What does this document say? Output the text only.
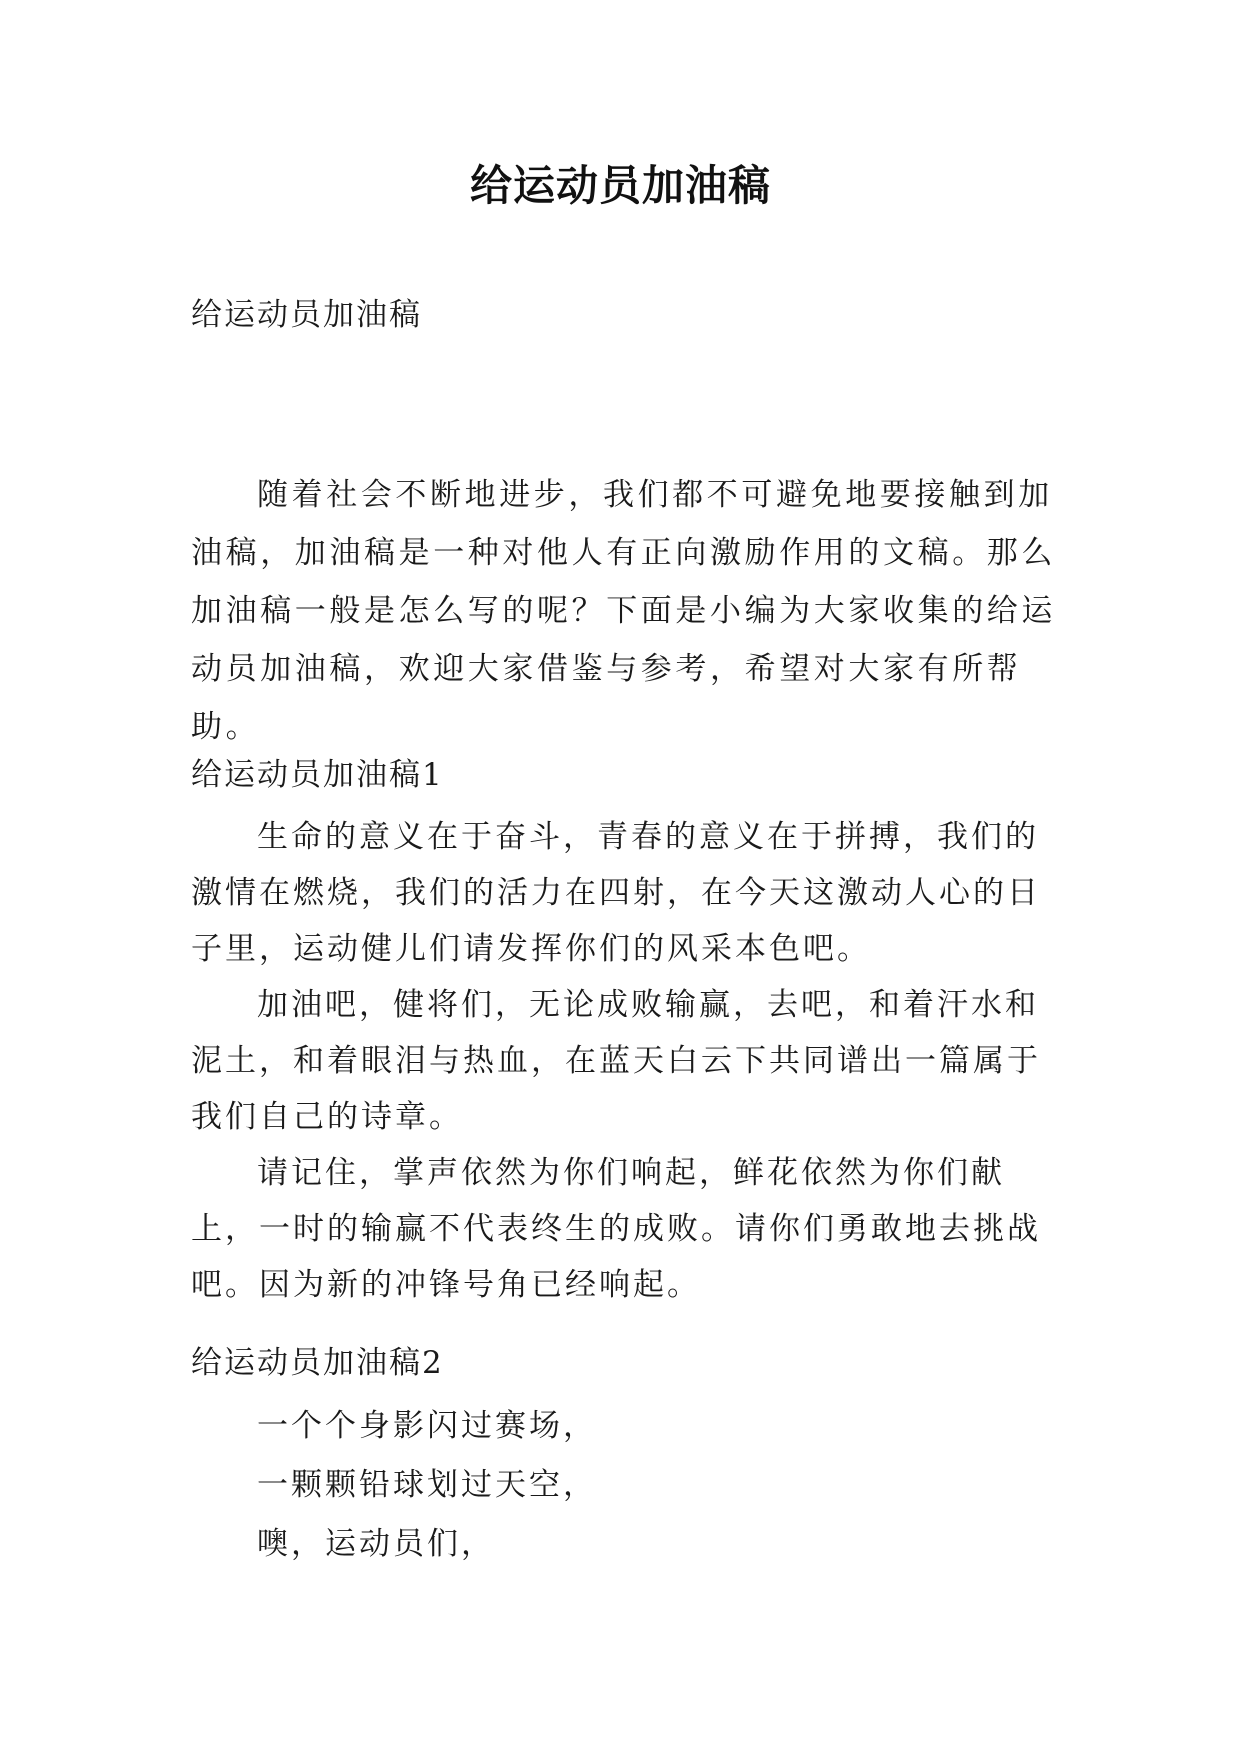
给运动员加油稿
给运动员加油稿

随着社会不断地进步，我们都不可避免地要接触到加油稿，加油稿是一种对他人有正向激励作用的文稿。那么加油稿一般是怎么写的呢？下面是小编为大家收集的给运动员加油稿，欢迎大家借鉴与参考，希望对大家有所帮助。

给运动员加油稿1

生命的意义在于奋斗，青春的意义在于拼搏，我们的激情在燃烧，我们的活力在四射，在今天这激动人心的日子里，运动健儿们请发挥你们的风采本色吧。

加油吧，健将们，无论成败输赢，去吧，和着汗水和泥土，和着眼泪与热血，在蓝天白云下共同谱出一篇属于我们自己的诗章。

请记住，掌声依然为你们响起，鲜花依然为你们献上，一时的输赢不代表终生的成败。请你们勇敢地去挑战吧。因为新的冲锋号角已经响起。

给运动员加油稿2

一个个身影闪过赛场，

一颗颗铅球划过天空，

噢，运动员们，
